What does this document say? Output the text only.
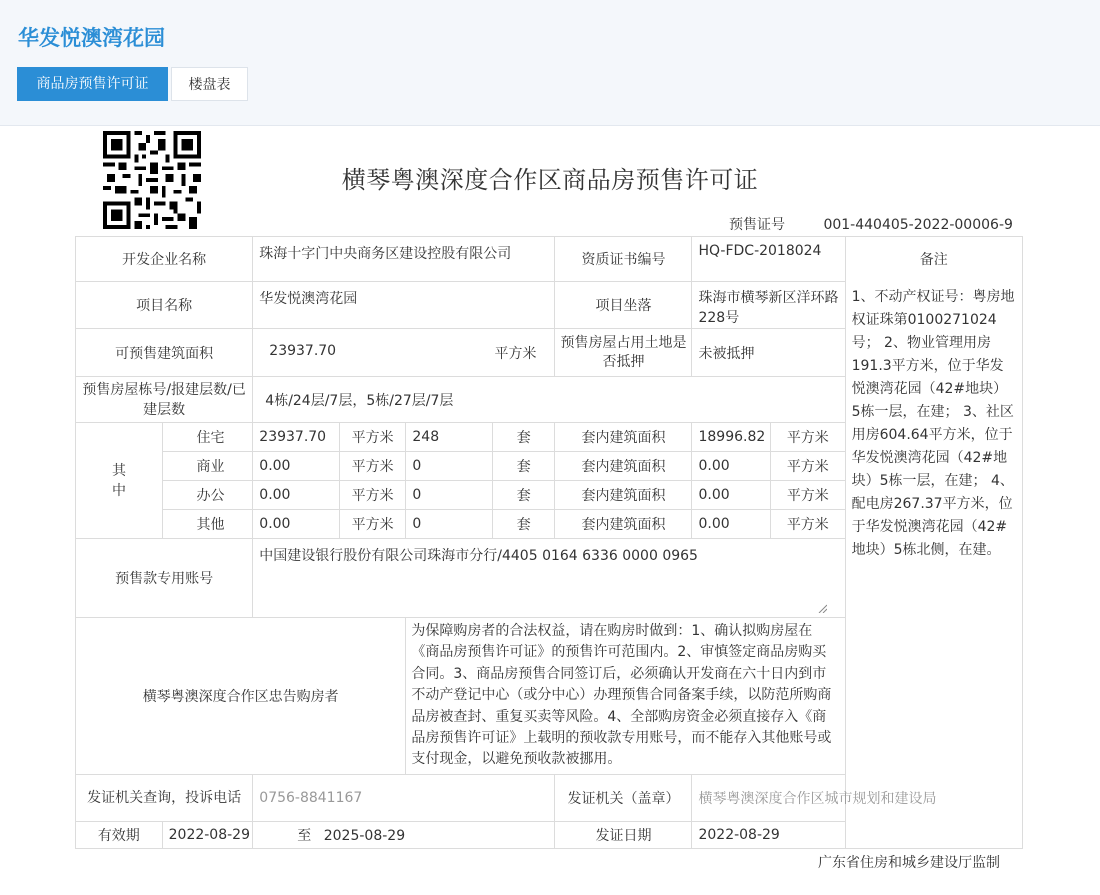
华发悦澳湾花园
商品房预售许可证	楼盘表
横琴粤澳深度合作区商品房预售许可证
预售证号	001-440405-2022-00006-9
开发企业名称		珠海十字门中央商务区建设控股有限公司				资质证书编号	HQ-FDC-2018024		备注
项目名称		华发悦澳湾花园				项目坐落	珠海市横琴新区洋环路228号		1、不动产权证号：粤房地权证珠第0100271024号； 2、物业管理用房191.3平方米，位于华发悦澳湾花园（42#地块）5栋一层，在建； 3、社区用房604.64平方米，位于华发悦澳湾花园（42#地块）5栋一层，在建； 4、配电房267.37平方米，位于华发悦澳湾花园（42#地块）5栋北侧，在建。
可预售建筑面积		23937.70 平方米				预售房屋占用土地是否抵押	未被抵押		
预售房屋栋号/报建层数/已建层数		4栋/24层/7层，5栋/27层/7层							
其 中	住宅	23937.70	平方米	248	套	套内建筑面积	18996.82	平方米	
	商业	0.00	平方米	0	套	套内建筑面积	0.00	平方米	
	办公	0.00	平方米	0	套	套内建筑面积	0.00	平方米	
	其他	0.00	平方米	0	套	套内建筑面积	0.00	平方米	
预售款专用账号		中国建设银行股份有限公司珠海市分行/4405 0164 6336 0000 0965							

横琴粤澳深度合作区忠告购房者				为保障购房者的合法权益，请在购房时做到：1、确认拟购房屋在《商品房预售许可证》的预售许可范围内。2、审慎签定商品房购买合同。3、商品房预售合同签订后，必须确认开发商在六十日内到市不动产登记中心（或分中心）办理预售合同备案手续，以防范所购商品房被查封、重复买卖等风险。4、全部购房资金必须直接存入《商品房预售许可证》上载明的预收款专用账号，而不能存入其他账号或支付现金，以避免预收款被挪用。					
发证机关查询，投诉电话		0756-8841167				发证机关（盖章）	横琴粤澳深度合作区城市规划和建设局		
有效期	2022-08-29	至 2025-08-29				发证日期	2022-08-29		
广东省住房和城乡建设厅监制
